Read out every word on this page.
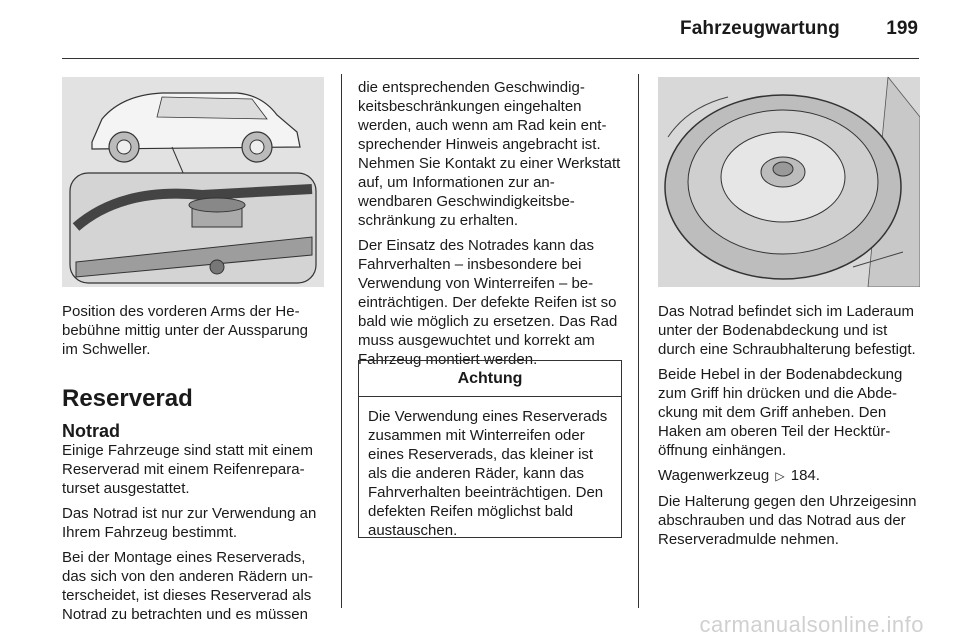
Fahrzeugwartung 199

Position des vorderen Arms der Hebebühne mittig unter der Aussparung im Schweller.

Reserverad
Notrad

Einige Fahrzeuge sind statt mit einem Reserverad mit einem Reifenreparaturset ausgestattet.

Das Notrad ist nur zur Verwendung an Ihrem Fahrzeug bestimmt.

Bei der Montage eines Reserverads, das sich von den anderen Rädern unterscheidet, ist dieses Reserverad als Notrad zu betrachten und es müssen

die entsprechenden Geschwindigkeitsbeschränkungen eingehalten werden, auch wenn am Rad kein entsprechender Hinweis angebracht ist. Nehmen Sie Kontakt zu einer Werkstatt auf, um Informationen zur anwendbaren Geschwindigkeitsbeschränkung zu erhalten.

Der Einsatz des Notrades kann das Fahrverhalten – insbesondere bei Verwendung von Winterreifen – beeinträchtigen. Der defekte Reifen ist so bald wie möglich zu ersetzen. Das Rad muss ausgewuchtet und korrekt am Fahrzeug montiert werden.

Achtung
Die Verwendung eines Reserverads zusammen mit Winterreifen oder eines Reserverads, das kleiner ist als die anderen Räder, kann das Fahrverhalten beeinträchtigen. Den defekten Reifen möglichst bald austauschen.

Das Notrad befindet sich im Laderaum unter der Bodenabdeckung und ist durch eine Schraubhalterung befestigt.

Beide Hebel in der Bodenabdeckung zum Griff hin drücken und die Abdeckung mit dem Griff anheben. Den Haken am oberen Teil der Hecktüröffnung einhängen.

Wagenwerkzeug ▷ 184.

Die Halterung gegen den Uhrzeigesinn abschrauben und das Notrad aus der Reserveradmulde nehmen.

carmanualsonline.info
